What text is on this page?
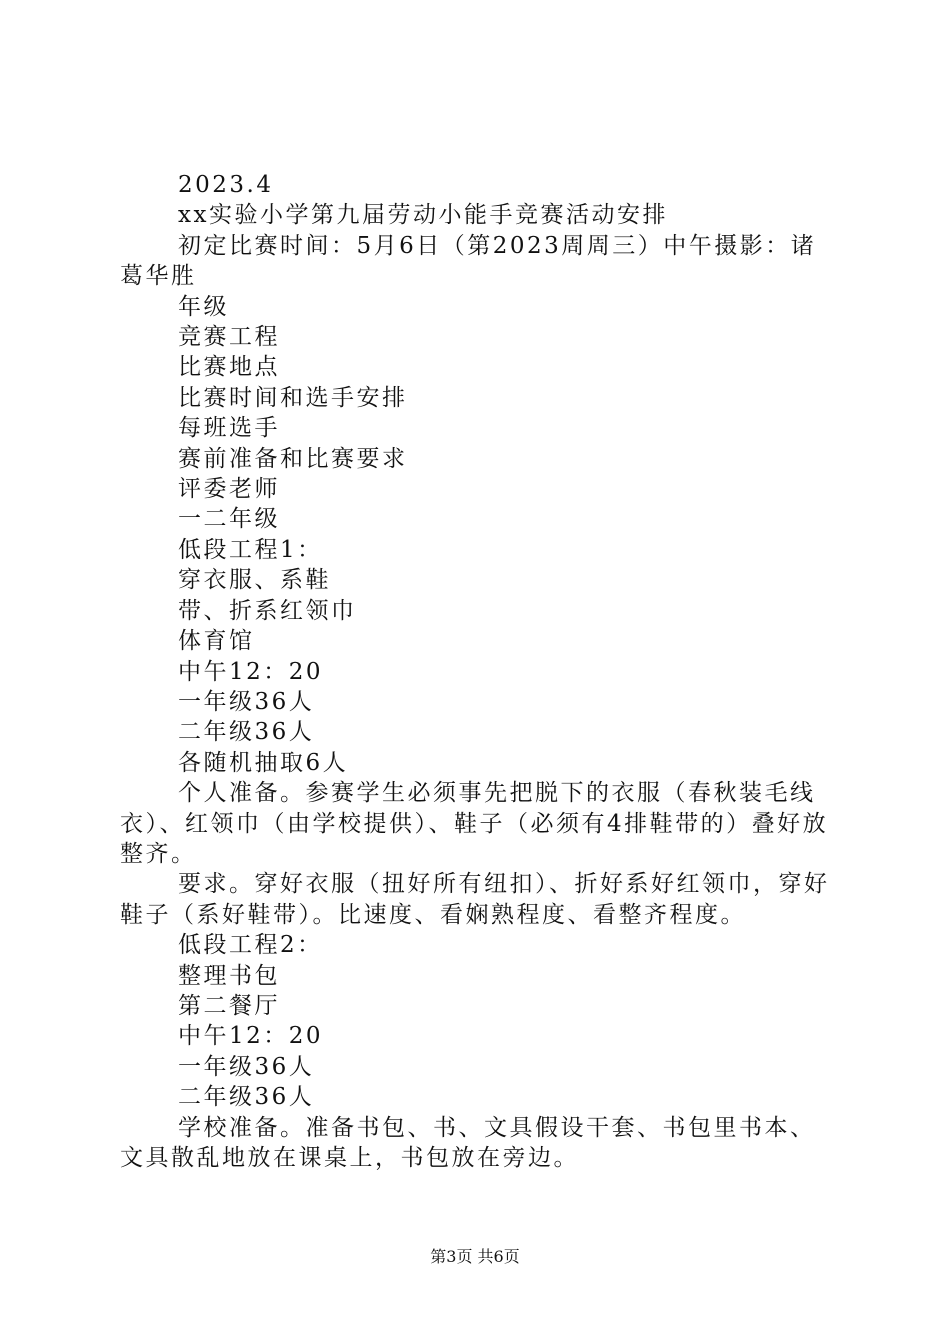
2023.4

xx实验小学第九届劳动小能手竞赛活动安排

初定比赛时间：5月6日（第2023周周三）中午摄影：诸葛华胜

年级

竞赛工程

比赛地点

比赛时间和选手安排

每班选手

赛前准备和比赛要求

评委老师

一二年级

低段工程1：

穿衣服、系鞋

带、折系红领巾

体育馆

中午12：20

一年级36人

二年级36人

各随机抽取6人

个人准备。参赛学生必须事先把脱下的衣服（春秋装毛线衣）、红领巾（由学校提供）、鞋子（必须有4排鞋带的）叠好放整齐。

要求。穿好衣服（扭好所有纽扣）、折好系好红领巾，穿好鞋子（系好鞋带）。比速度、看娴熟程度、看整齐程度。

低段工程2：

整理书包

第二餐厅

中午12：20

一年级36人

二年级36人

学校准备。准备书包、书、文具假设干套、书包里书本、文具散乱地放在课桌上，书包放在旁边。

第3页 共6页
